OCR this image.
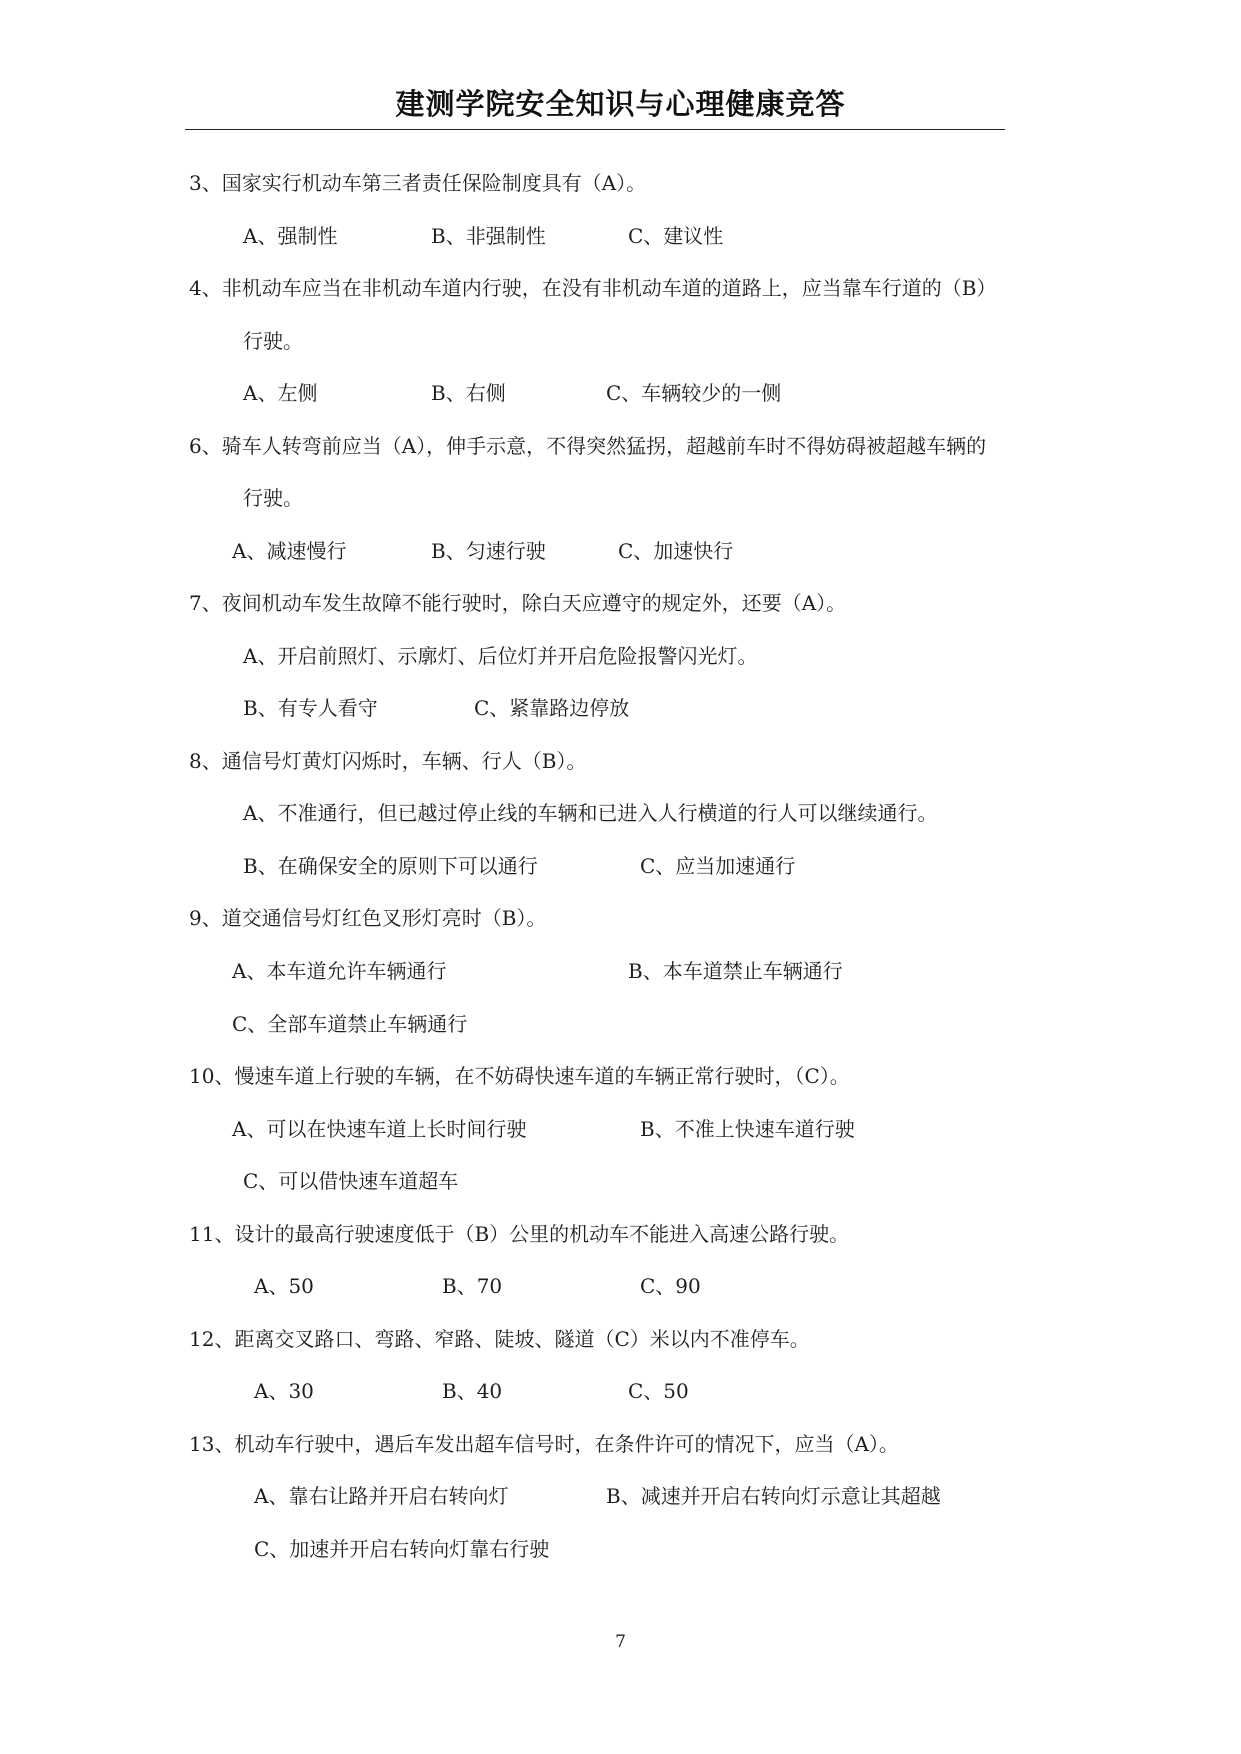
建测学院安全知识与心理健康竞答
3、国家实行机动车第三者责任保险制度具有（A）。
A、强制性	B、非强制性	C、建议性
4、非机动车应当在非机动车道内行驶，在没有非机动车道的道路上，应当靠车行道的（B）
行驶。
A、左侧	B、右侧	C、车辆较少的一侧
6、骑车人转弯前应当（A），伸手示意，不得突然猛拐，超越前车时不得妨碍被超越车辆的
行驶。
A、减速慢行	B、匀速行驶	C、加速快行
7、夜间机动车发生故障不能行驶时，除白天应遵守的规定外，还要（A）。
A、开启前照灯、示廓灯、后位灯并开启危险报警闪光灯。
B、有专人看守	C、紧靠路边停放
8、通信号灯黄灯闪烁时，车辆、行人（B）。
A、不准通行，但已越过停止线的车辆和已进入人行横道的行人可以继续通行。
B、在确保安全的原则下可以通行	C、应当加速通行
9、道交通信号灯红色叉形灯亮时（B）。
A、本车道允许车辆通行	B、本车道禁止车辆通行
C、全部车道禁止车辆通行
10、慢速车道上行驶的车辆，在不妨碍快速车道的车辆正常行驶时，（C）。
A、可以在快速车道上长时间行驶	B、不准上快速车道行驶
C、可以借快速车道超车
11、设计的最高行驶速度低于（B）公里的机动车不能进入高速公路行驶。
A、50	B、70	C、90
12、距离交叉路口、弯路、窄路、陡坡、隧道（C）米以内不准停车。
A、30	B、40	C、50
13、机动车行驶中，遇后车发出超车信号时，在条件许可的情况下，应当（A）。
A、靠右让路并开启右转向灯	B、减速并开启右转向灯示意让其超越
C、加速并开启右转向灯靠右行驶
7
